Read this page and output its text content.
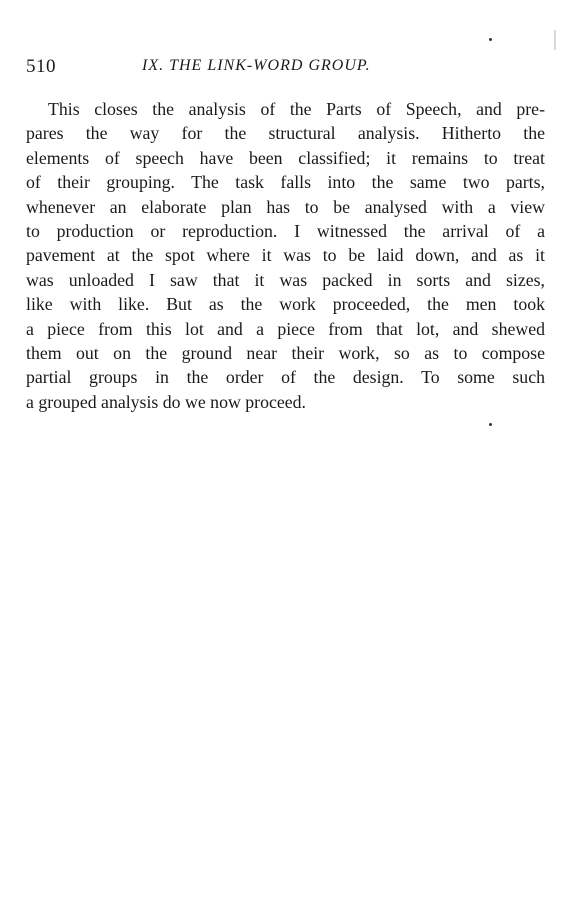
510	IX. THE LINK-WORD GROUP.
This closes the analysis of the Parts of Speech, and pre-
pares the way for the structural analysis. Hitherto the
elements of speech have been classified; it remains to treat
of their grouping. The task falls into the same two parts,
whenever an elaborate plan has to be analysed with a view
to production or reproduction. I witnessed the arrival of a
pavement at the spot where it was to be laid down, and as it
was unloaded I saw that it was packed in sorts and sizes,
like with like. But as the work proceeded, the men took
a piece from this lot and a piece from that lot, and shewed
them out on the ground near their work, so as to compose
partial groups in the order of the design. To some such
a grouped analysis do we now proceed.
